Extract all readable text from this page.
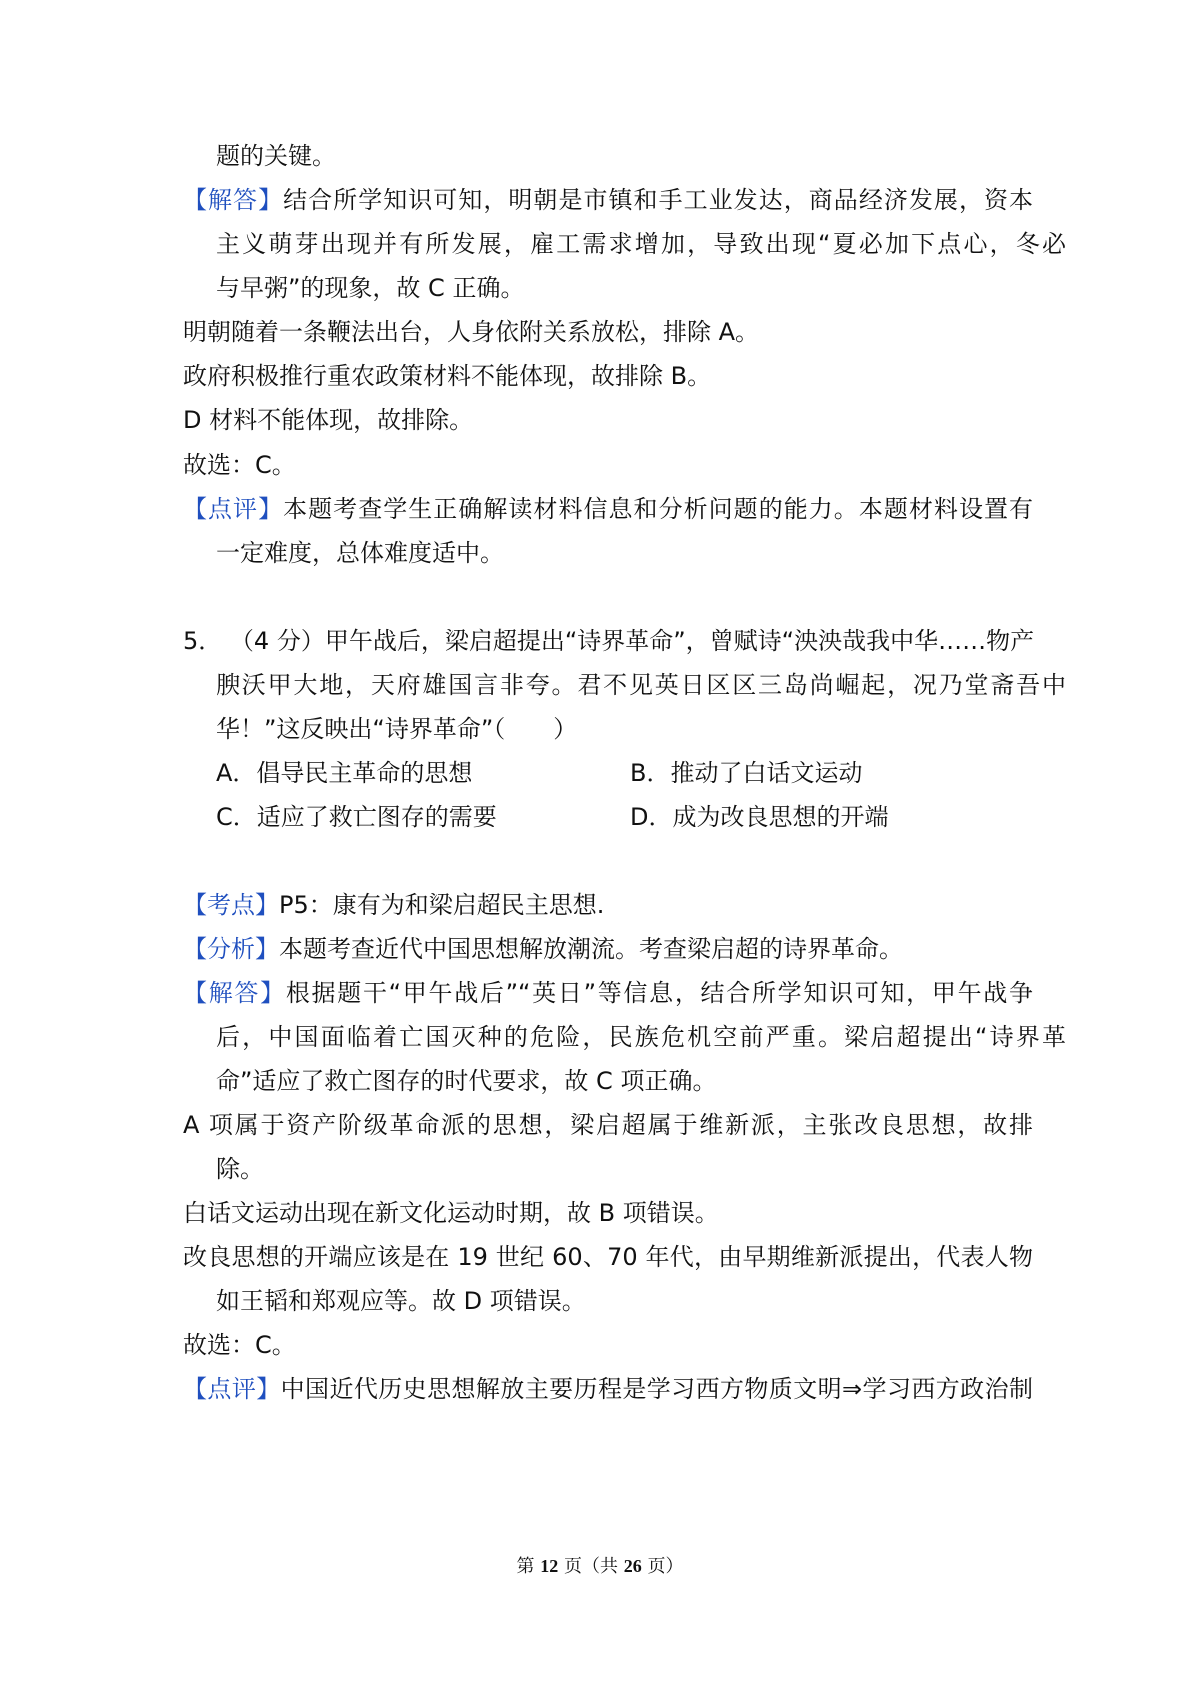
题的关键。
【解答】结合所学知识可知，明朝是市镇和手工业发达，商品经济发展，资本
主义萌芽出现并有所发展，雇工需求增加，导致出现“夏必加下点心，冬必
与早粥”的现象，故 C 正确。
明朝随着一条鞭法出台，人身依附关系放松，排除 A。
政府积极推行重农政策材料不能体现，故排除 B。
D 材料不能体现，故排除。
故选：C。
【点评】本题考查学生正确解读材料信息和分析问题的能力。本题材料设置有
一定难度，总体难度适中。
5． （4 分）甲午战后，梁启超提出“诗界革命”，曾赋诗“泱泱哉我中华……物产
腴沃甲大地，天府雄国言非夸。君不见英日区区三岛尚崛起，况乃堂斋吾中
华！”这反映出“诗界革命”（　　）
A．倡导民主革命的思想	B．推动了白话文运动
C．适应了救亡图存的需要	D．成为改良思想的开端
【考点】P5：康有为和梁启超民主思想.
【分析】本题考查近代中国思想解放潮流。考查梁启超的诗界革命。
【解答】根据题干“甲午战后”“英日”等信息，结合所学知识可知，甲午战争
后，中国面临着亡国灭种的危险，民族危机空前严重。梁启超提出“诗界革
命”适应了救亡图存的时代要求，故 C 项正确。
A 项属于资产阶级革命派的思想，梁启超属于维新派，主张改良思想，故排
除。
白话文运动出现在新文化运动时期，故 B 项错误。
改良思想的开端应该是在 19 世纪 60、70 年代，由早期维新派提出，代表人物
如王韬和郑观应等。故 D 项错误。
故选：C。
【点评】中国近代历史思想解放主要历程是学习西方物质文明⇒学习西方政治制
第 12 页（共 26 页）
